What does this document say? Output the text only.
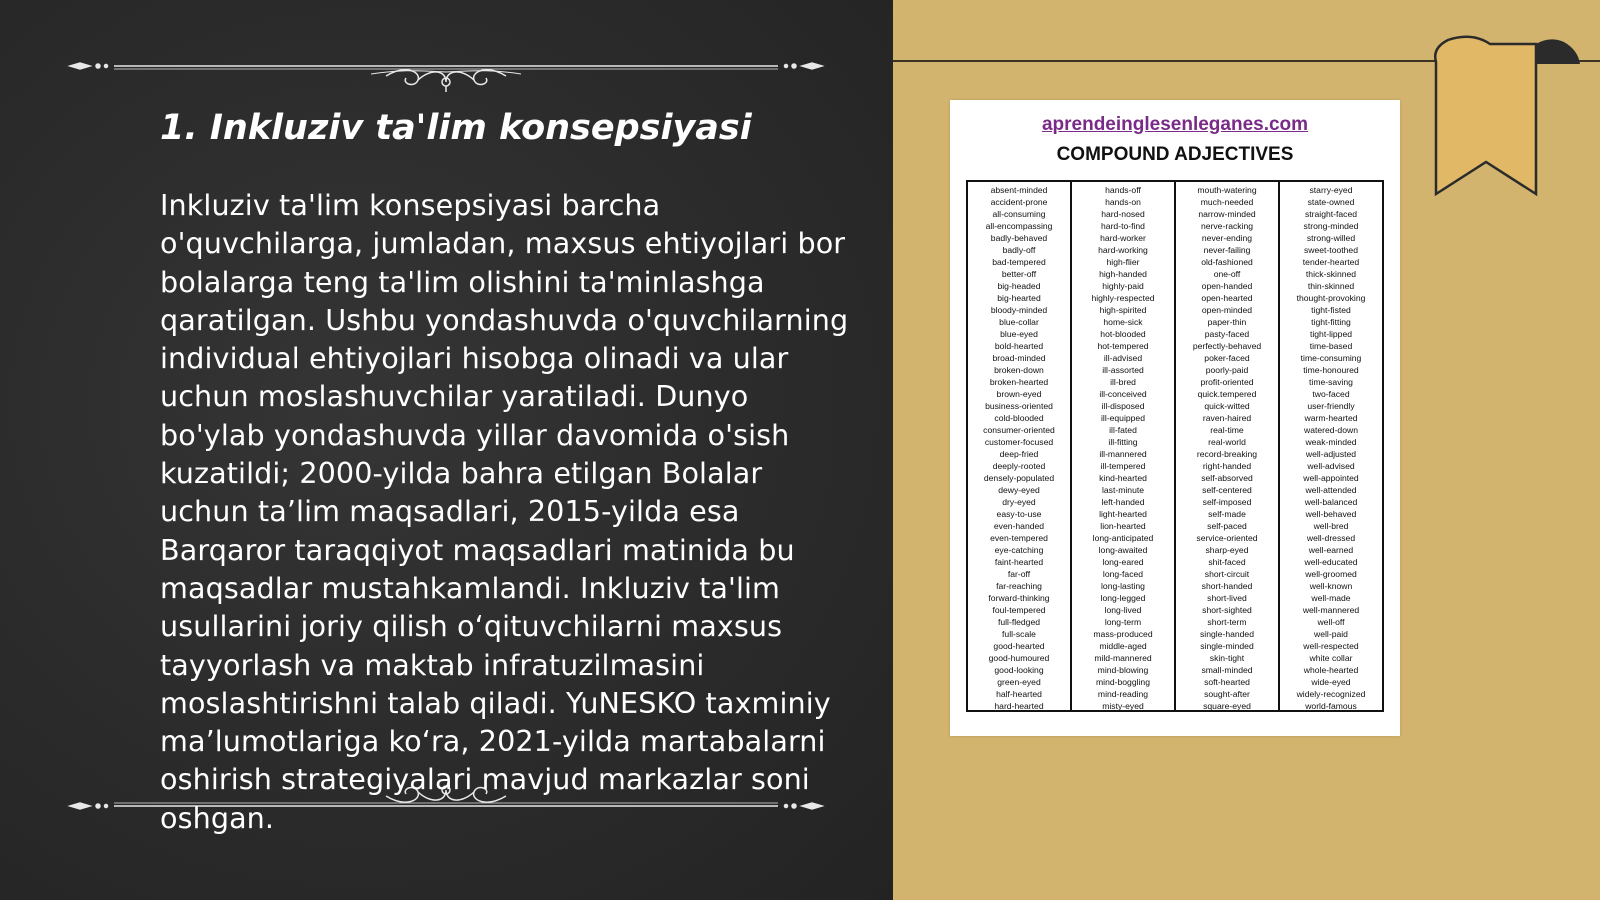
1. Inkluziv ta'lim konsepsiyasi
Inkluziv ta'lim konsepsiyasi barcha o'quvchilarga, jumladan, maxsus ehtiyojlari bor bolalarga teng ta'lim olishini ta'minlashga qaratilgan. Ushbu yondashuvda o'quvchilarning individual ehtiyojlari hisobga olinadi va ular uchun moslashuvchilar yaratiladi. Dunyo bo'ylab yondashuvda yillar davomida o'sish kuzatildi; 2000-yilda bahra etilgan Bolalar uchun ta’lim maqsadlari, 2015-yilda esa Barqaror taraqqiyot maqsadlari matinida bu maqsadlar mustahkamlandi. Inkluziv ta'lim usullarini joriy qilish o‘qituvchilarni maxsus tayyorlash va maktab infratuzilmasini moslashtirishni talab qiladi. YuNESKO taxminiy ma’lumotlariga ko‘ra, 2021-yilda martabalarni oshirish strategiyalari mavjud markazlar soni oshgan.
aprendeinglesenleganes.com
COMPOUND ADJECTIVES
absent-minded
accident-prone
all-consuming
all-encompassing
badly-behaved
badly-off
bad-tempered
better-off
big-headed
big-hearted
bloody-minded
blue-collar
blue-eyed
bold-hearted
broad-minded
broken-down
broken-hearted
brown-eyed
business-oriented
cold-blooded
consumer-oriented
customer-focused
deep-fried
deeply-rooted
densely-populated
dewy-eyed
dry-eyed
easy-to-use
even-handed
even-tempered
eye-catching
faint-hearted
far-off
far-reaching
forward-thinking
foul-tempered
full-fledged
full-scale
good-hearted
good-humoured
good-looking
green-eyed
half-hearted
hard-hearted
hands-off
hands-on
hard-nosed
hard-to-find
hard-worker
hard-working
high-flier
high-handed
highly-paid
highly-respected
high-spirited
home-sick
hot-blooded
hot-tempered
ill-advised
ill-assorted
ill-bred
ill-conceived
ill-disposed
ill-equipped
ill-fated
ill-fitting
ill-mannered
ill-tempered
kind-hearted
last-minute
left-handed
light-hearted
lion-hearted
long-anticipated
long-awaited
long-eared
long-faced
long-lasting
long-legged
long-lived
long-term
mass-produced
middle-aged
mild-mannered
mind-blowing
mind-boggling
mind-reading
misty-eyed
mouth-watering
much-needed
narrow-minded
nerve-racking
never-ending
never-failing
old-fashioned
one-off
open-handed
open-hearted
open-minded
paper-thin
pasty-faced
perfectly-behaved
poker-faced
poorly-paid
profit-oriented
quick.tempered
quick-witted
raven-haired
real-time
real-world
record-breaking
right-handed
self-absorved
self-centered
self-imposed
self-made
self-paced
service-oriented
sharp-eyed
shit-faced
short-circuit
short-handed
short-lived
short-sighted
short-term
single-handed
single-minded
skin-tight
small-minded
soft-hearted
sought-after
square-eyed
starry-eyed
state-owned
straight-faced
strong-minded
strong-willed
sweet-toothed
tender-hearted
thick-skinned
thin-skinned
thought-provoking
tight-fisted
tight-fitting
tight-lipped
time-based
time-consuming
time-honoured
time-saving
two-faced
user-friendly
warm-hearted
watered-down
weak-minded
well-adjusted
well-advised
well-appointed
well-attended
well-balanced
well-behaved
well-bred
well-dressed
well-earned
well-educated
well-groomed
well-known
well-made
well-mannered
well-off
well-paid
well-respected
white collar
whole-hearted
wide-eyed
widely-recognized
world-famous
